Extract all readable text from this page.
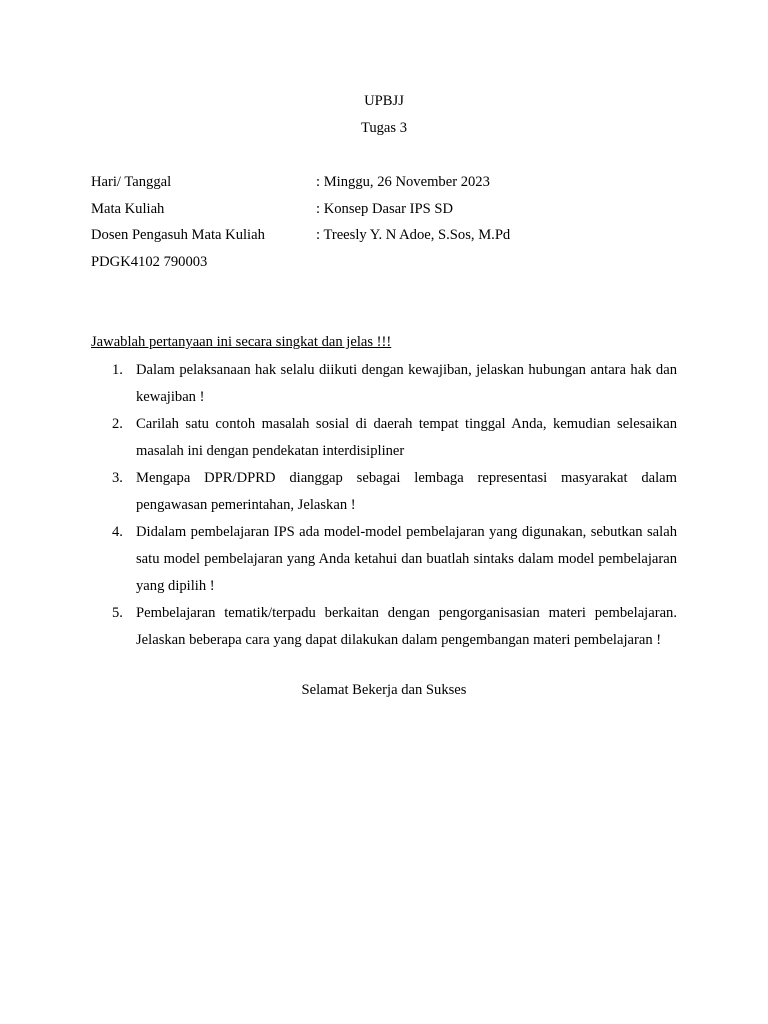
UPBJJ
Tugas 3
Hari/ Tanggal	: Minggu, 26 November 2023
Mata Kuliah	: Konsep Dasar IPS SD
Dosen Pengasuh Mata Kuliah	: Treesly Y. N Adoe, S.Sos, M.Pd
PDGK4102 790003
Jawablah pertanyaan ini secara singkat dan jelas !!!
1. Dalam pelaksanaan hak selalu diikuti dengan kewajiban, jelaskan hubungan antara hak dan kewajiban !
2. Carilah satu contoh masalah sosial di daerah tempat tinggal Anda, kemudian selesaikan masalah ini dengan pendekatan interdisipliner
3. Mengapa DPR/DPRD dianggap sebagai lembaga representasi masyarakat dalam pengawasan pemerintahan, Jelaskan !
4. Didalam pembelajaran IPS ada model-model pembelajaran yang digunakan, sebutkan salah satu model pembelajaran yang Anda ketahui dan buatlah sintaks dalam model pembelajaran yang dipilih !
5. Pembelajaran tematik/terpadu berkaitan dengan pengorganisasian materi pembelajaran. Jelaskan beberapa cara yang dapat dilakukan dalam pengembangan materi pembelajaran !
Selamat Bekerja dan Sukses
